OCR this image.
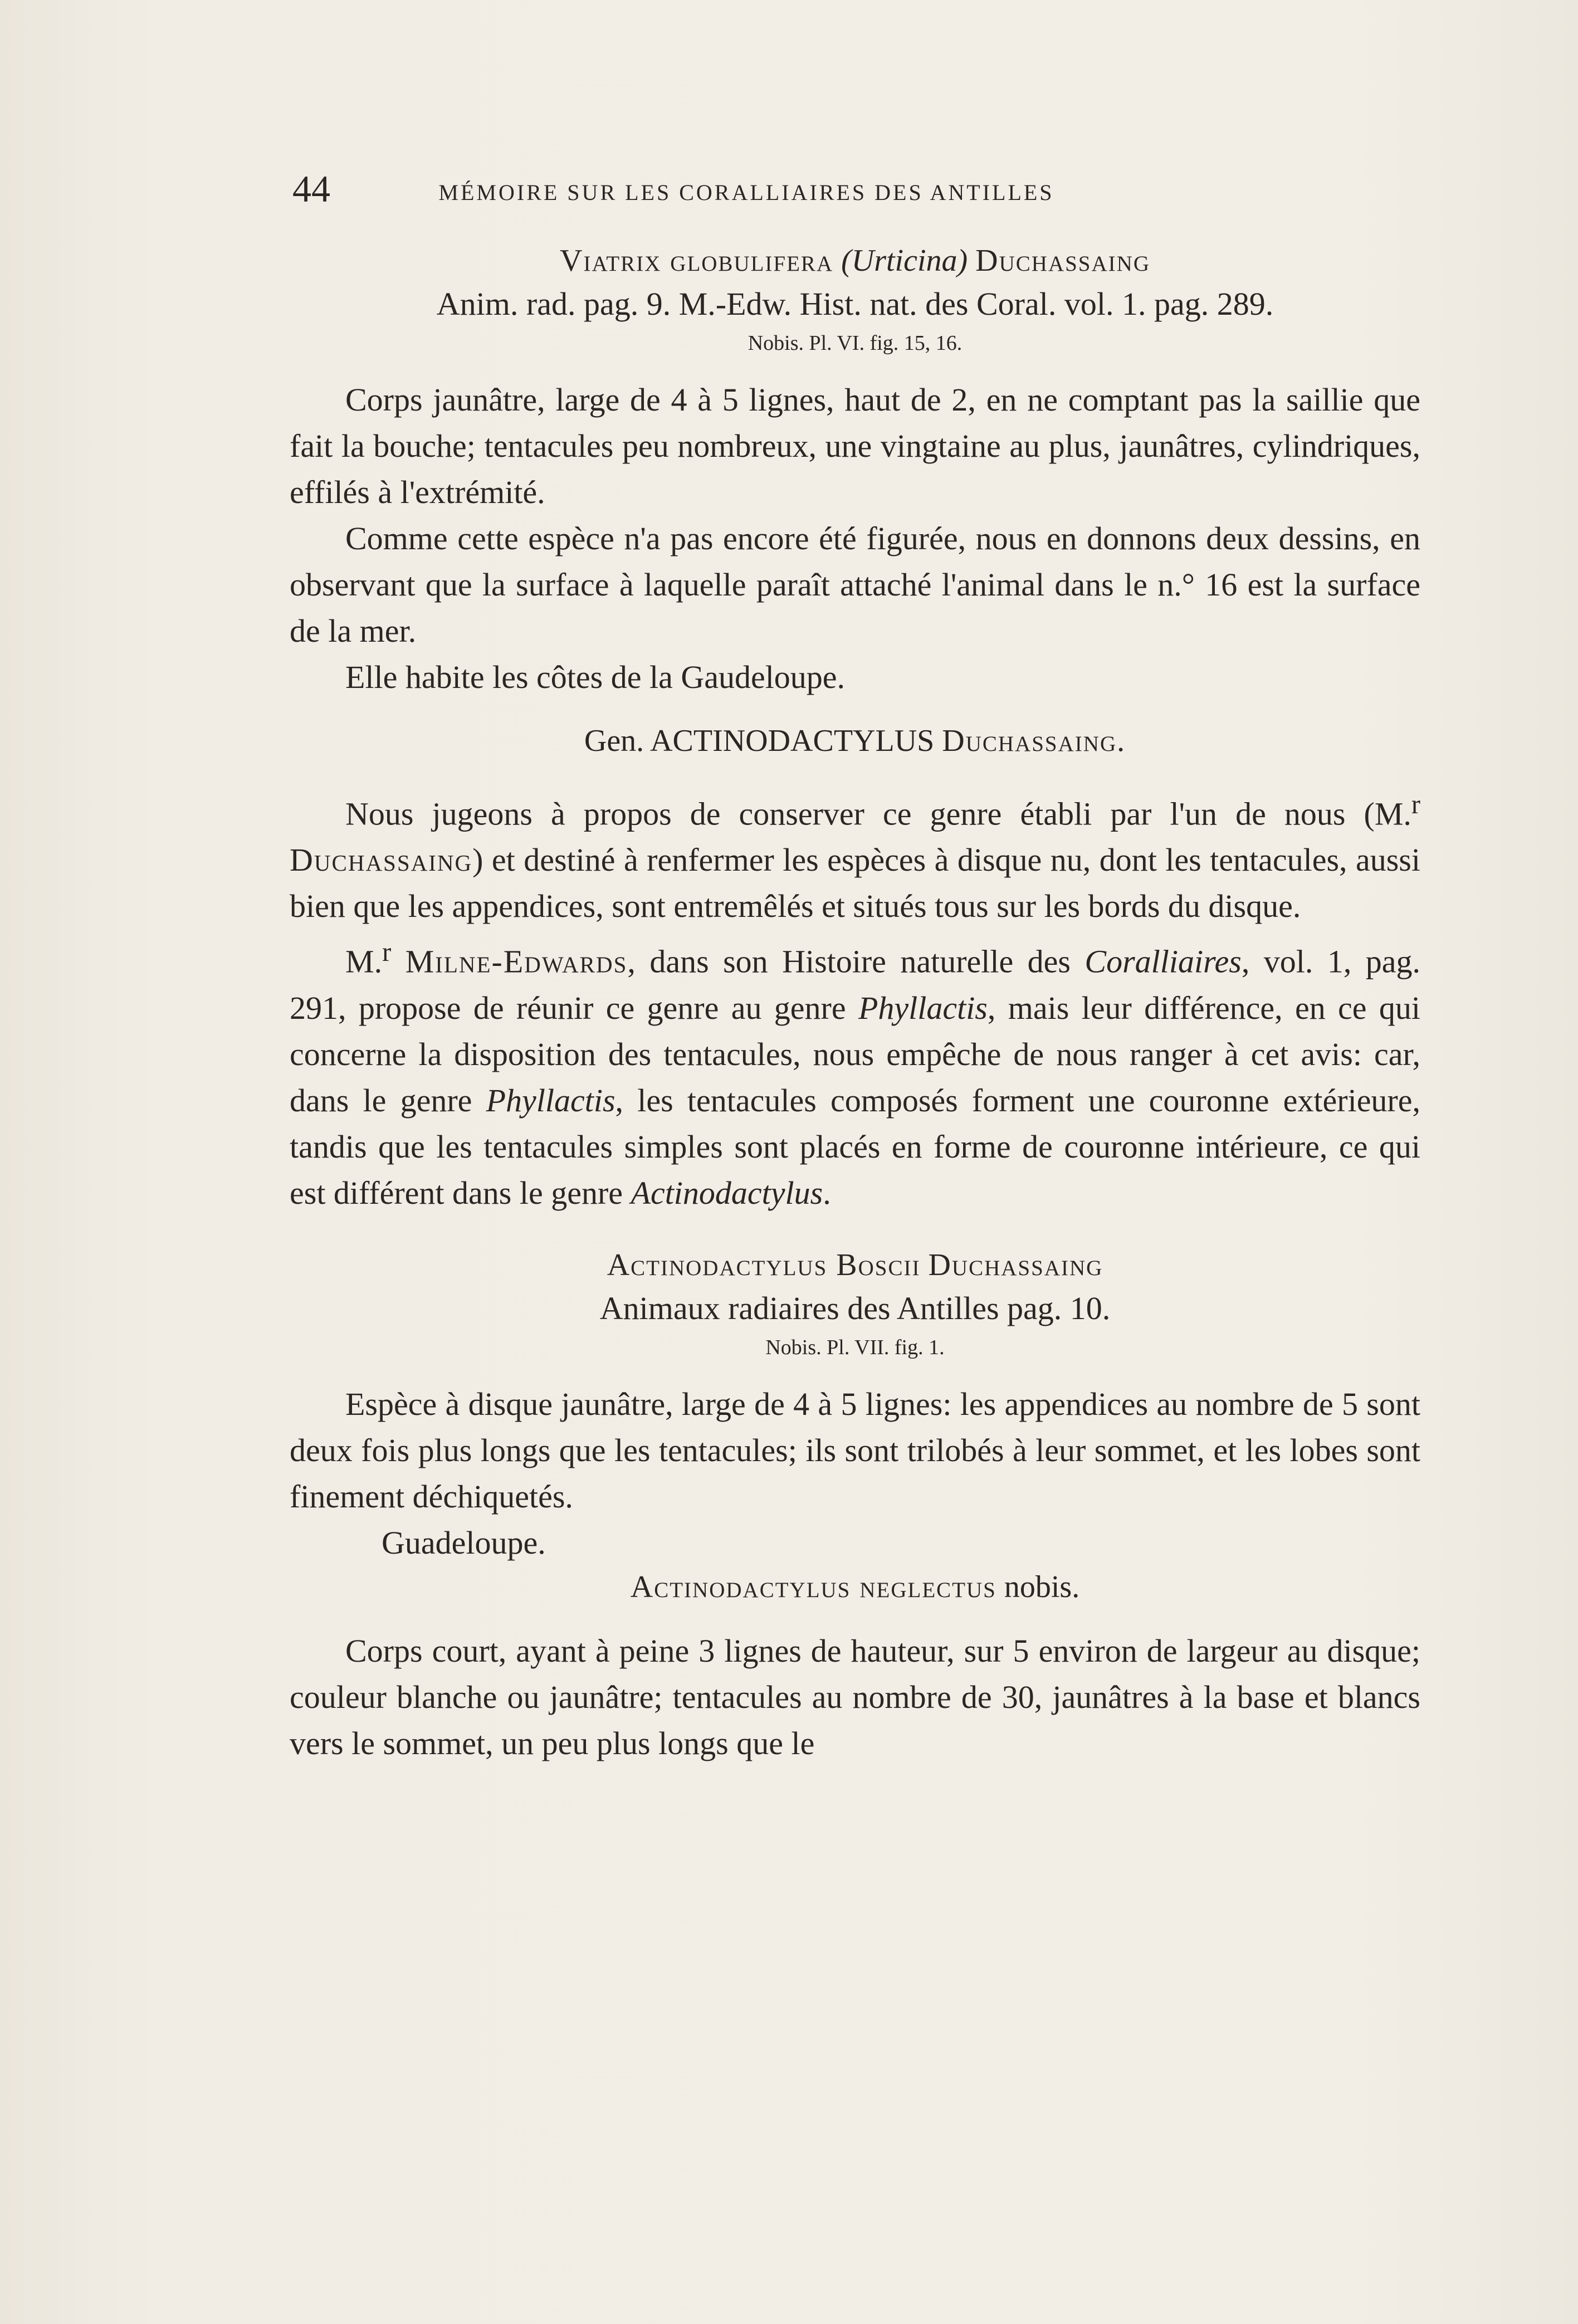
44	MÉMOIRE SUR LES CORALLIAIRES DES ANTILLES
Viatrix globulifera (Urticina) Duchassaing
Anim. rad. pag. 9. M.-Edw. Hist. nat. des Coral. vol. 1. pag. 289.
Nobis. Pl. VI. fig. 15, 16.

Corps jaunâtre, large de 4 à 5 lignes, haut de 2, en ne comptant pas la saillie que fait la bouche; tentacules peu nombreux, une vingtaine au plus, jaunâtres, cylindriques, effilés à l'extrémité.

Comme cette espèce n'a pas encore été figurée, nous en donnons deux dessins, en observant que la surface à laquelle paraît attaché l'animal dans le n.° 16 est la surface de la mer.

Elle habite les côtes de la Gaudeloupe.

Gen. ACTINODACTYLUS Duchassaing.

Nous jugeons à propos de conserver ce genre établi par l'un de nous (M.$^r$ Duchassaing) et destiné à renfermer les espèces à disque nu, dont les tentacules, aussi bien que les appendices, sont entremêlés et situés tous sur les bords du disque.

M.$^r$ Milne-Edwards, dans son Histoire naturelle des Coralliaires, vol. 1, pag. 291, propose de réunir ce genre au genre Phyllactis, mais leur différence, en ce qui concerne la disposition des tentacules, nous empêche de nous ranger à cet avis: car, dans le genre Phyllactis, les tentacules composés forment une couronne extérieure, tandis que les tentacules simples sont placés en forme de couronne intérieure, ce qui est différent dans le genre Actinodactylus.

Actinodactylus Boscii Duchassaing
Animaux radiaires des Antilles pag. 10.
Nobis. Pl. VII. fig. 1.

Espèce à disque jaunâtre, large de 4 à 5 lignes: les appendices au nombre de 5 sont deux fois plus longs que les tentacules; ils sont trilobés à leur sommet, et les lobes sont finement déchiquetés.

Guadeloupe.

Actinodactylus neglectus nobis.

Corps court, ayant à peine 3 lignes de hauteur, sur 5 environ de largeur au disque; couleur blanche ou jaunâtre; tentacules au nombre de 30, jaunâtres à la base et blancs vers le sommet, un peu plus longs que le
